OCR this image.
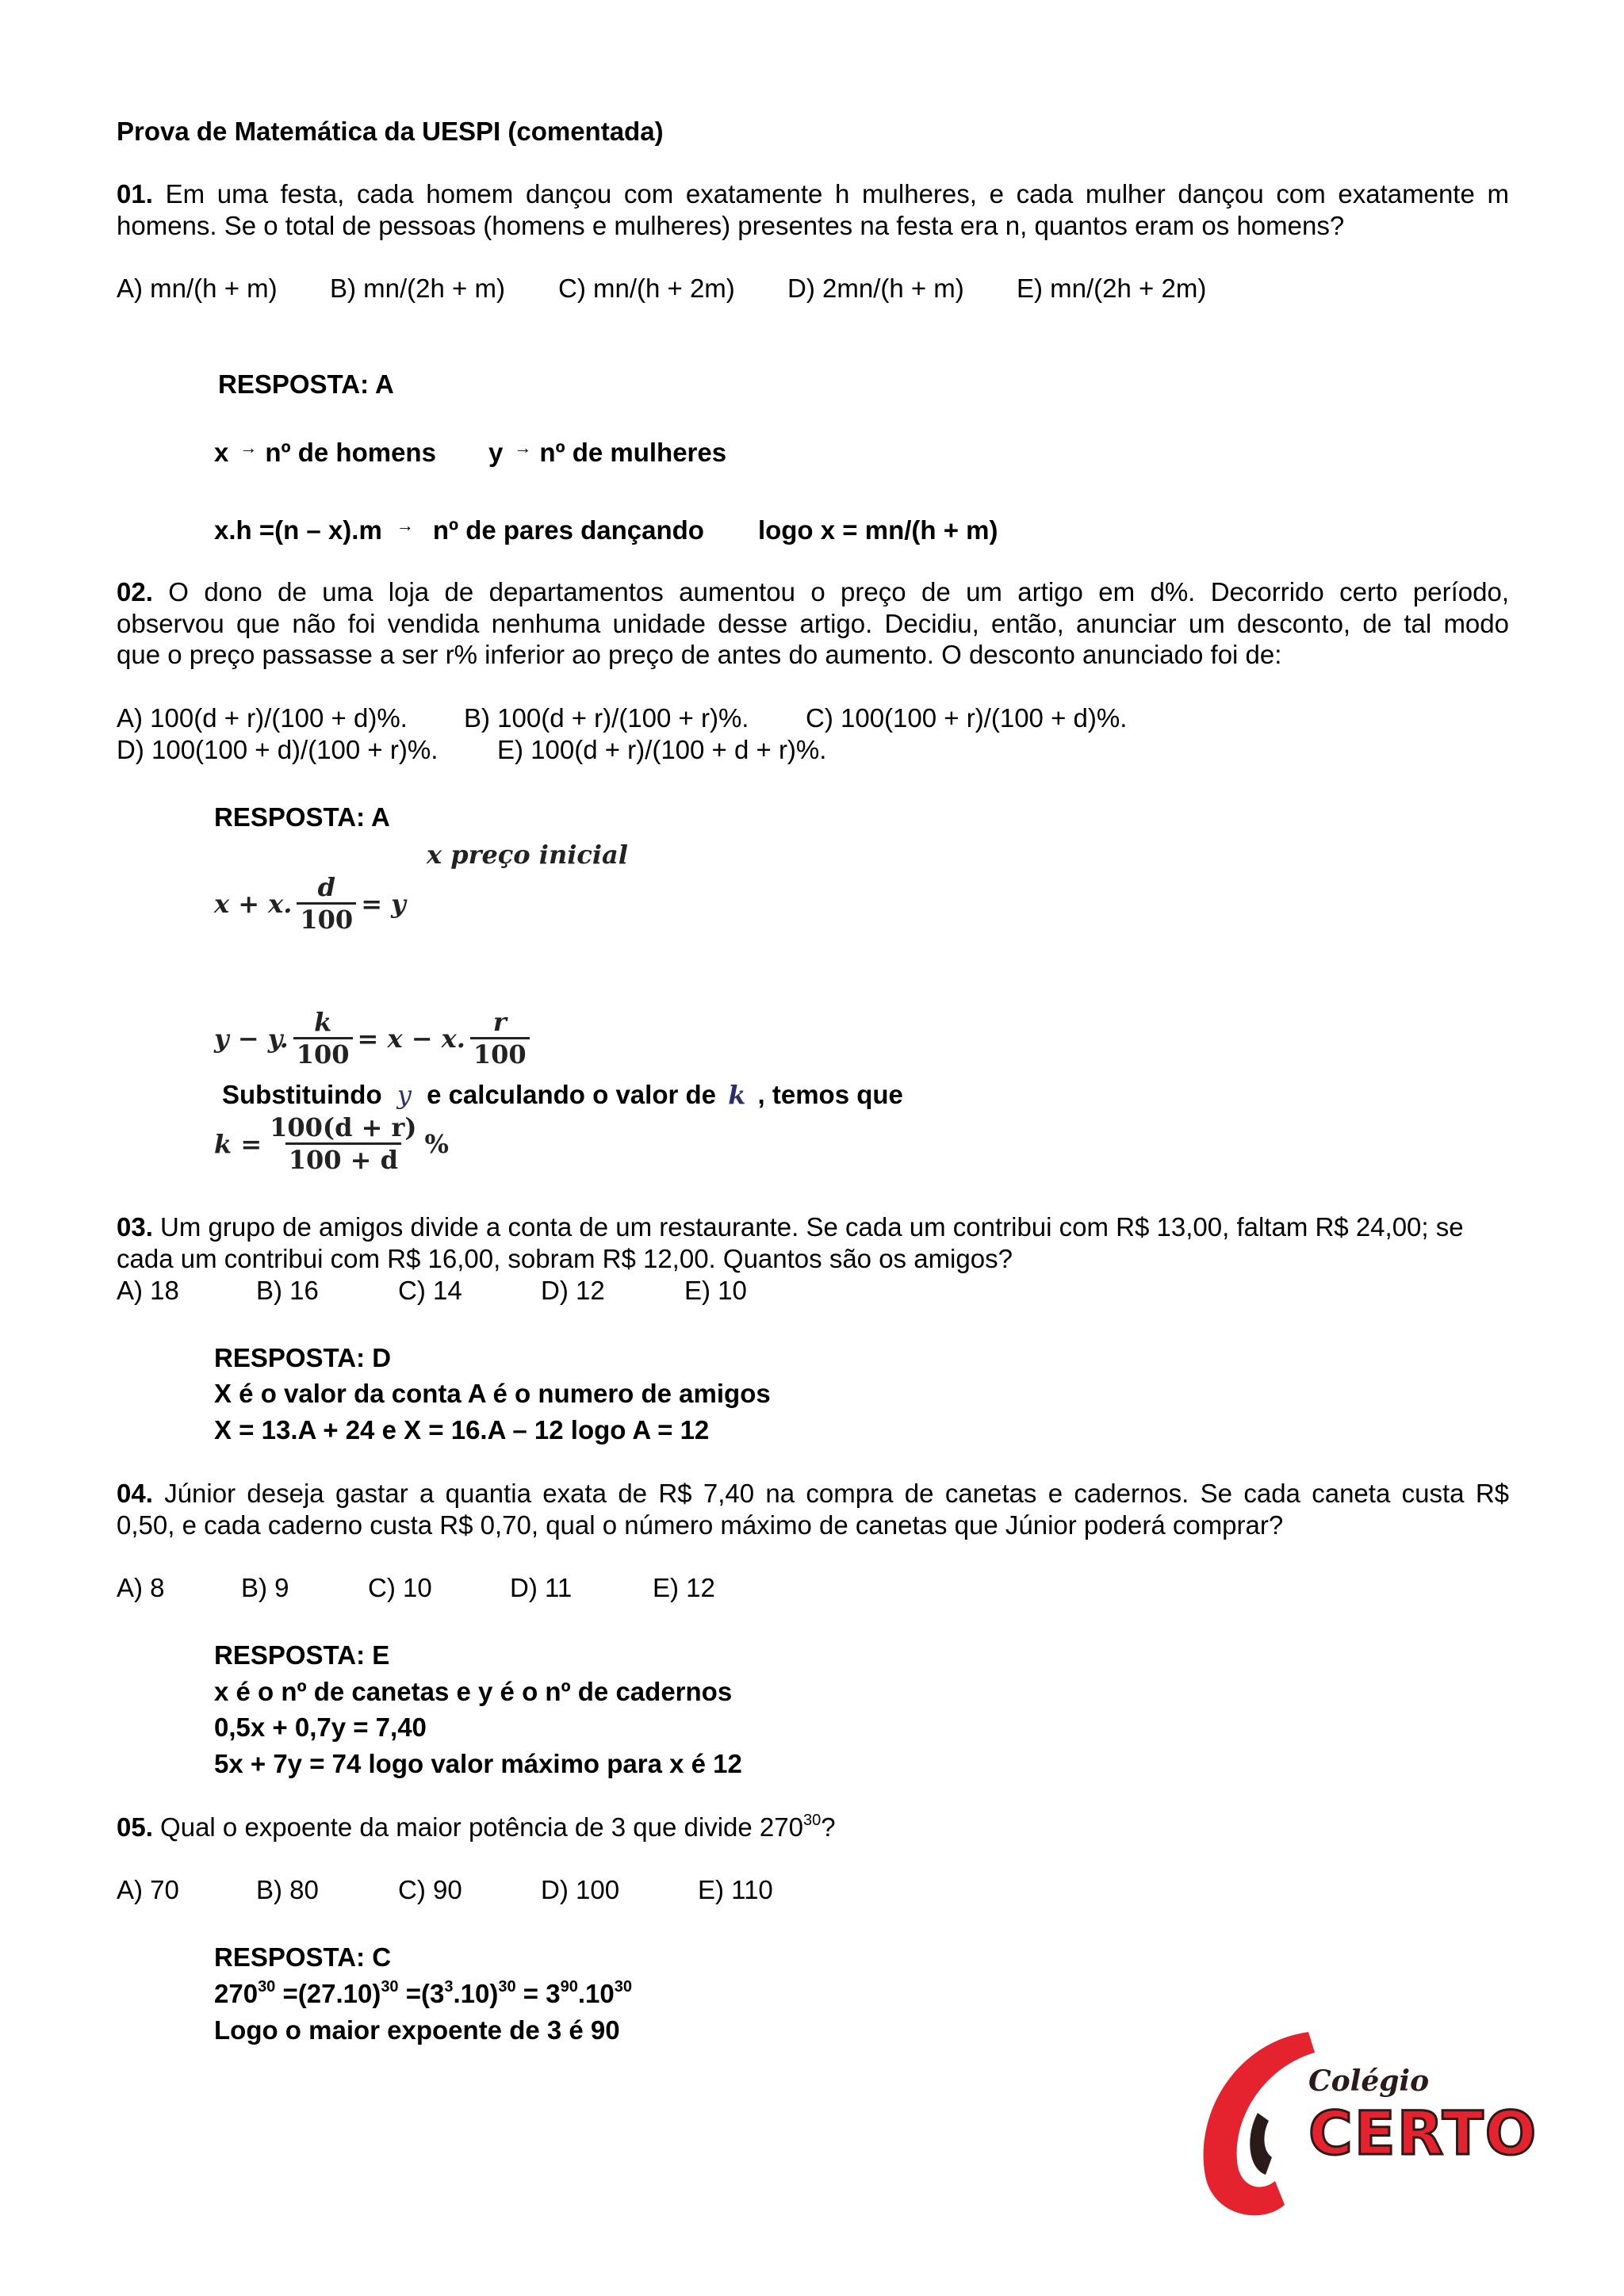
Prova de Matemática da UESPI (comentada)
01. Em uma festa, cada homem dançou com exatamente h mulheres, e cada mulher dançou com exatamente m
homens. Se o total de pessoas (homens e mulheres) presentes na festa era n, quantos eram os homens?
A) mn/(h + m) B) mn/(2h + m) C) mn/(h + 2m) D) 2mn/(h + m) E) mn/(2h + 2m)
RESPOSTA: A
x → nº de homens y → nº de mulheres
x.h =(n – x).m → nº de pares dançando logo x = mn/(h + m)
02. O dono de uma loja de departamentos aumentou o preço de um artigo em d%. Decorrido certo período,
observou que não foi vendida nenhuma unidade desse artigo. Decidiu, então, anunciar um desconto, de tal modo
que o preço passasse a ser r% inferior ao preço de antes do aumento. O desconto anunciado foi de:
A) 100(d + r)/(100 + d)%. B) 100(d + r)/(100 + r)%. C) 100(100 + r)/(100 + d)%.
D) 100(100 + d)/(100 + r)%. E) 100(d + r)/(100 + d + r)%.
RESPOSTA: A
x preço inicial
x + x. $\frac{d}{100} = y$
y − y. $\frac{k}{100} = x - x$. $\frac{r}{100}$
Substituindo y e calculando o valor de k , temos que
$k = \frac{100(d + r)}{100 + d}$ %
03. Um grupo de amigos divide a conta de um restaurante. Se cada um contribui com R$ 13,00, faltam R$ 24,00; se
cada um contribui com R$ 16,00, sobram R$ 12,00. Quantos são os amigos?
A) 18	B) 16	C) 14	D) 12	E) 10
RESPOSTA: D
X é o valor da conta A é o numero de amigos
X = 13.A + 24 e X = 16.A – 12 logo A = 12
04. Júnior deseja gastar a quantia exata de R$ 7,40 na compra de canetas e cadernos. Se cada caneta custa R$
0,50, e cada caderno custa R$ 0,70, qual o número máximo de canetas que Júnior poderá comprar?
A) 8	B) 9	C) 10	D) 11	E) 12
RESPOSTA: E
x é o nº de canetas e y é o nº de cadernos
0,5x + 0,7y = 7,40
5x + 7y = 74 logo valor máximo para x é 12
05. Qual o expoente da maior potência de 3 que divide $270^{30}$?
A) 70	B) 80	C) 90	D) 100	E) 110
RESPOSTA: C
$270^{30} =(27.10)^{30} =(3^3.10)^{30} = 3^{90}.10^{30}$
Logo o maior expoente de 3 é 90
Colégio
CERTO
